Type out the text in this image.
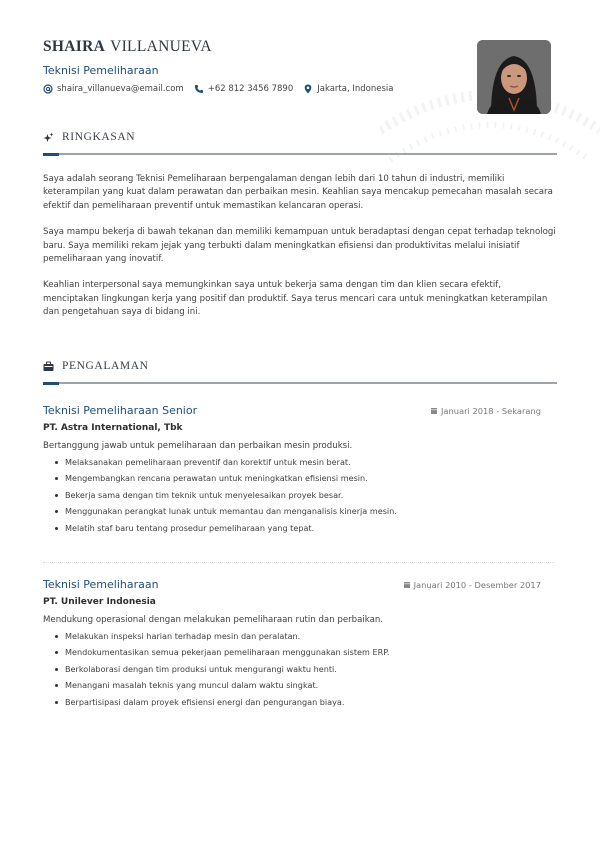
SHAIRA VILLANUEVA
Teknisi Pemeliharaan
shaira_villanueva@email.com	+62 812 3456 7890	Jakarta, Indonesia
RINGKASAN

Saya adalah seorang Teknisi Pemeliharaan berpengalaman dengan lebih dari 10 tahun di industri, memiliki keterampilan yang kuat dalam perawatan dan perbaikan mesin. Keahlian saya mencakup pemecahan masalah secara efektif dan pemeliharaan preventif untuk memastikan kelancaran operasi.

Saya mampu bekerja di bawah tekanan dan memiliki kemampuan untuk beradaptasi dengan cepat terhadap teknologi baru. Saya memiliki rekam jejak yang terbukti dalam meningkatkan efisiensi dan produktivitas melalui inisiatif pemeliharaan yang inovatif.

Keahlian interpersonal saya memungkinkan saya untuk bekerja sama dengan tim dan klien secara efektif, menciptakan lingkungan kerja yang positif dan produktif. Saya terus mencari cara untuk meningkatkan keterampilan dan pengetahuan saya di bidang ini.

PENGALAMAN
Teknisi Pemeliharaan Senior	Januari 2018 - Sekarang
PT. Astra International, Tbk
Bertanggung jawab untuk pemeliharaan dan perbaikan mesin produksi.
Melaksanakan pemeliharaan preventif dan korektif untuk mesin berat.
Mengembangkan rencana perawatan untuk meningkatkan efisiensi mesin.
Bekerja sama dengan tim teknik untuk menyelesaikan proyek besar.
Menggunakan perangkat lunak untuk memantau dan menganalisis kinerja mesin.
Melatih staf baru tentang prosedur pemeliharaan yang tepat.
Teknisi Pemeliharaan	Januari 2010 - Desember 2017
PT. Unilever Indonesia
Mendukung operasional dengan melakukan pemeliharaan rutin dan perbaikan.
Melakukan inspeksi harian terhadap mesin dan peralatan.
Mendokumentasikan semua pekerjaan pemeliharaan menggunakan sistem ERP.
Berkolaborasi dengan tim produksi untuk mengurangi waktu henti.
Menangani masalah teknis yang muncul dalam waktu singkat.
Berpartisipasi dalam proyek efisiensi energi dan pengurangan biaya.
